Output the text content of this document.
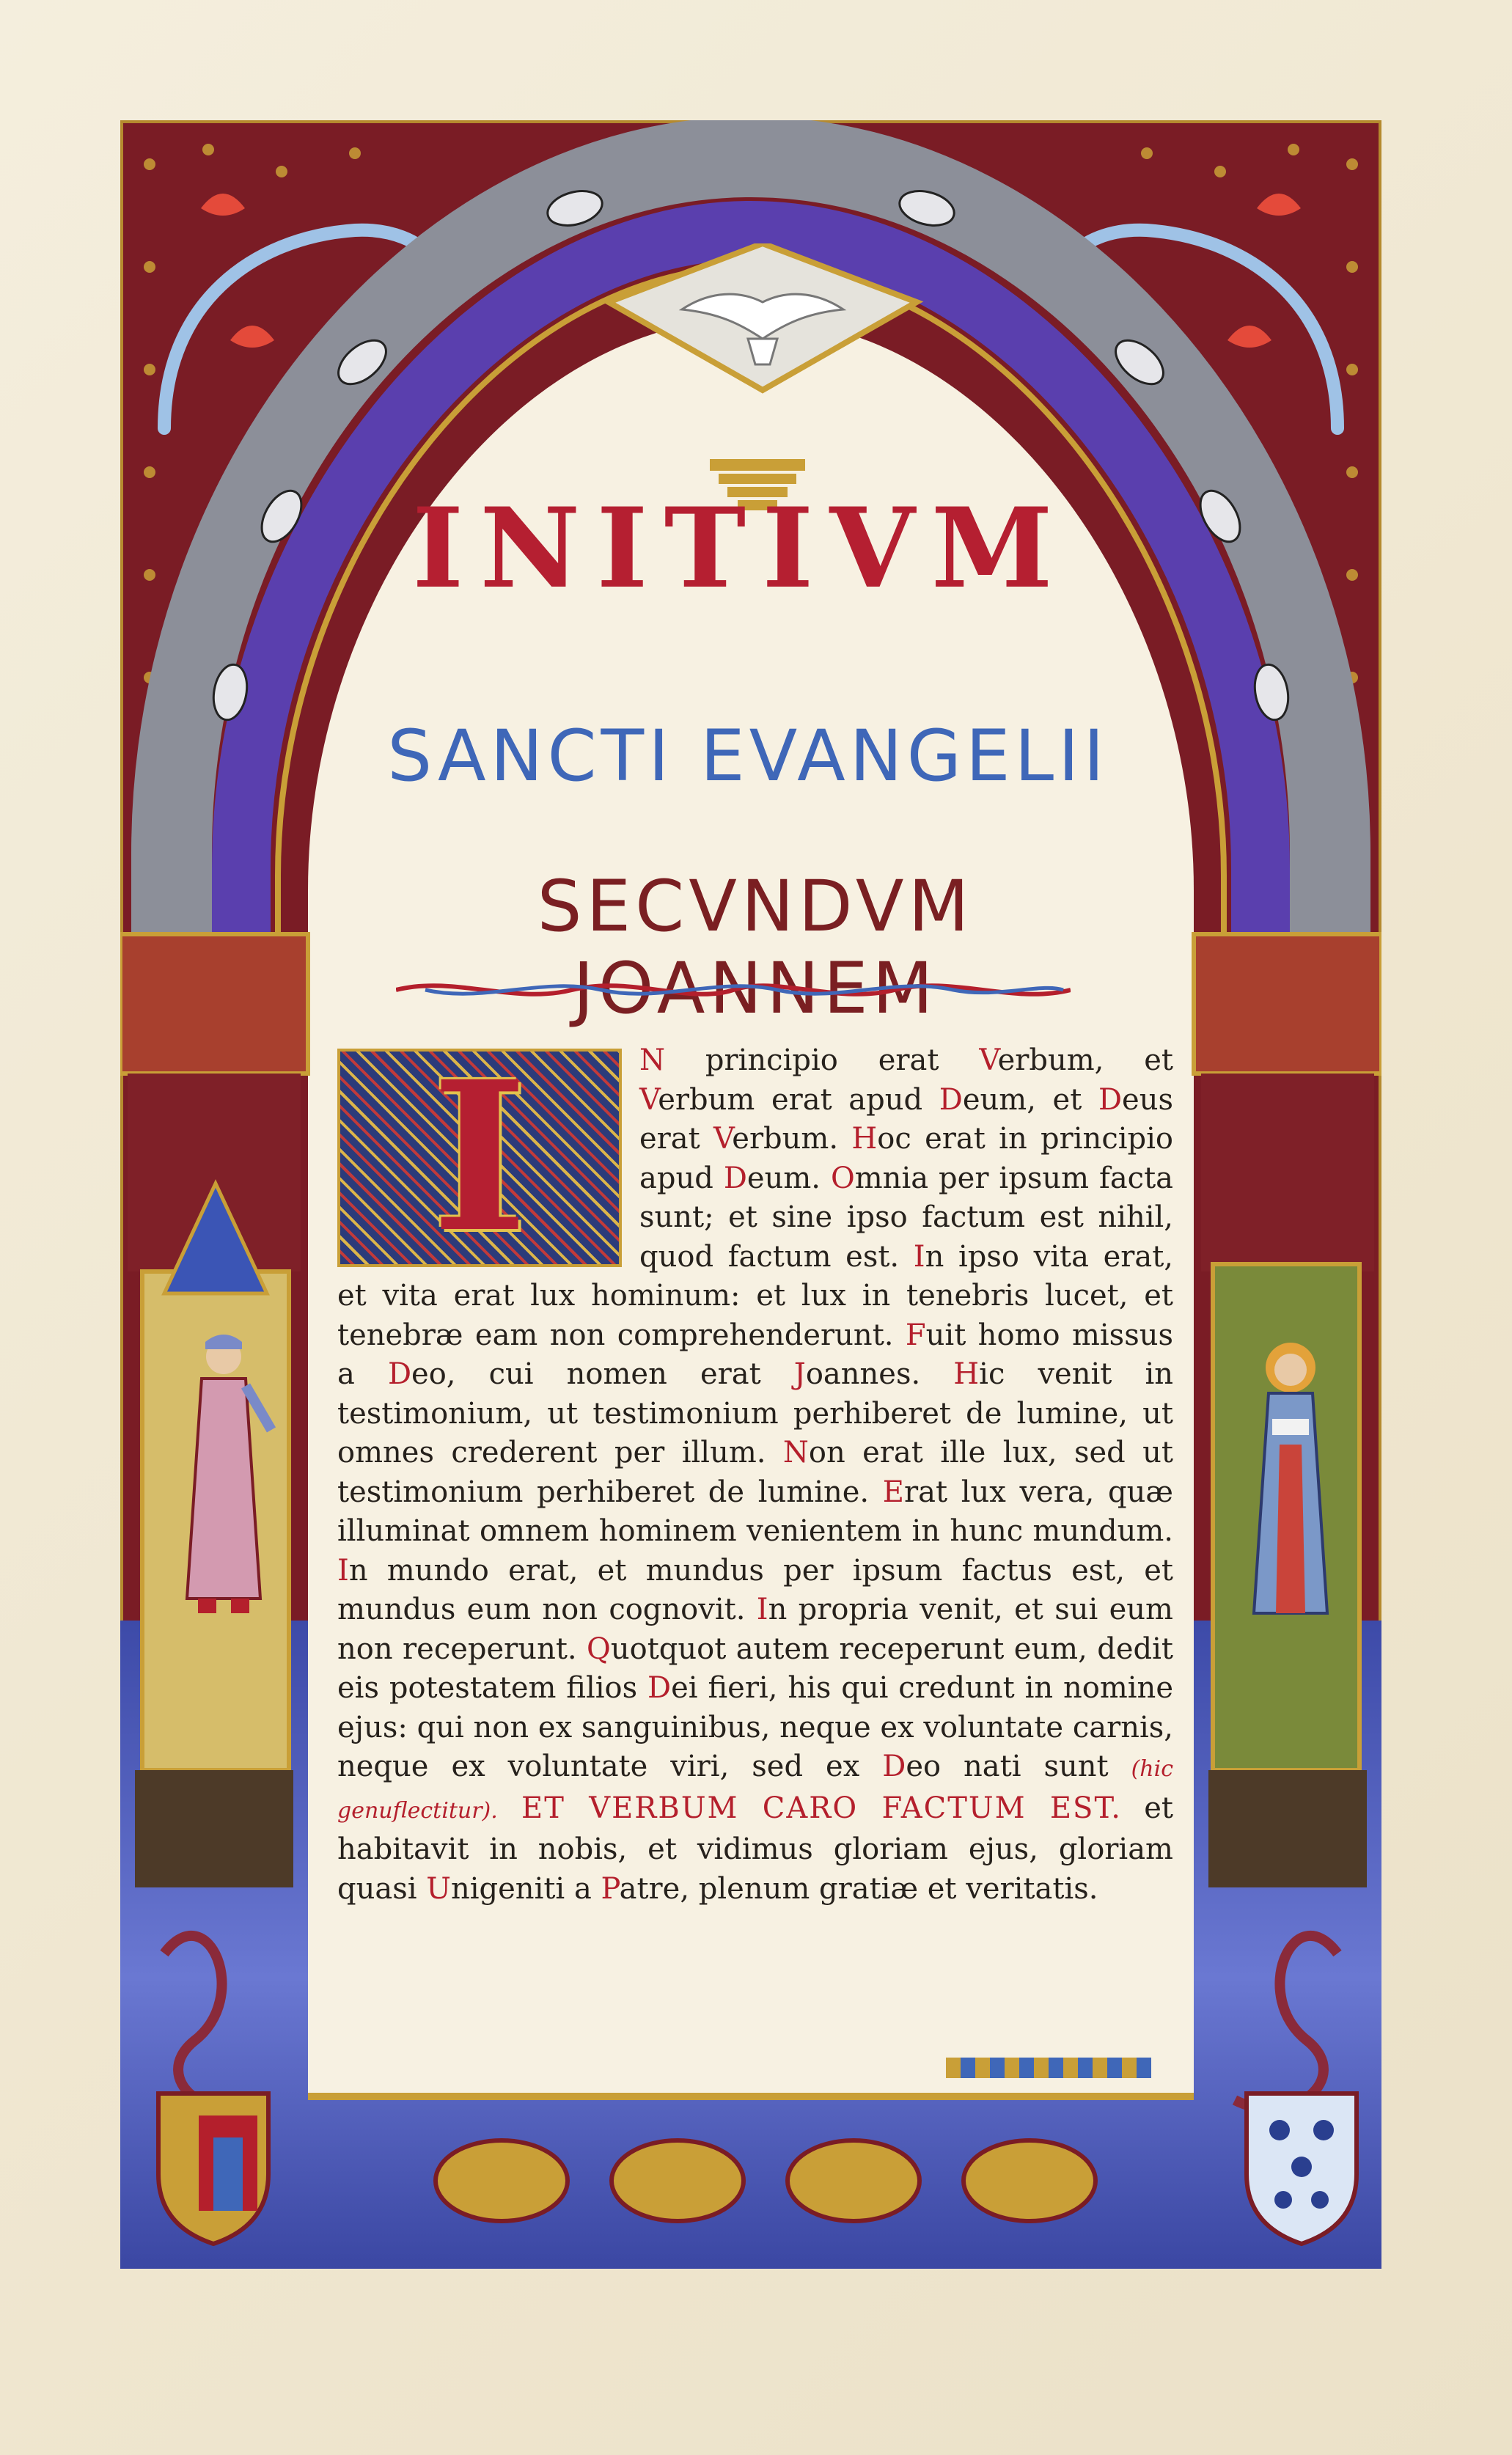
INITIVM
SANCTI EVANGELII
SECVNDVM JOANNEM
I	N principio erat Verbum, et Verbum erat apud Deum, et Deus erat Verbum. Hoc erat in principio apud Deum. Omnia per ipsum facta sunt; et sine ipso factum est nihil, quod factum est. In ipso vita erat, et vita erat lux hominum: et lux in tenebris lucet, et tenebræ eam non comprehenderunt. Fuit homo missus a Deo, cui nomen erat Joannes. Hic venit in testimonium, ut testimonium perhiberet de lumine, ut omnes crederent per illum. Non erat ille lux, sed ut testimonium perhiberet de lumine. Erat lux vera, quæ illuminat omnem hominem venientem in hunc mundum. In mundo erat, et mundus per ipsum factus est, et mundus eum non cognovit. In propria venit, et sui eum non receperunt. Quotquot autem receperunt eum, dedit eis potestatem filios Dei fieri, his qui credunt in nomine ejus: qui non ex sanguinibus, neque ex voluntate carnis, neque ex voluntate viri, sed ex Deo nati sunt (hic genuflectitur). ET VERBUM CARO FACTUM EST. et habitavit in nobis, et vidimus gloriam ejus, gloriam quasi Unigeniti a Patre, plenum gratiæ et veritatis.
